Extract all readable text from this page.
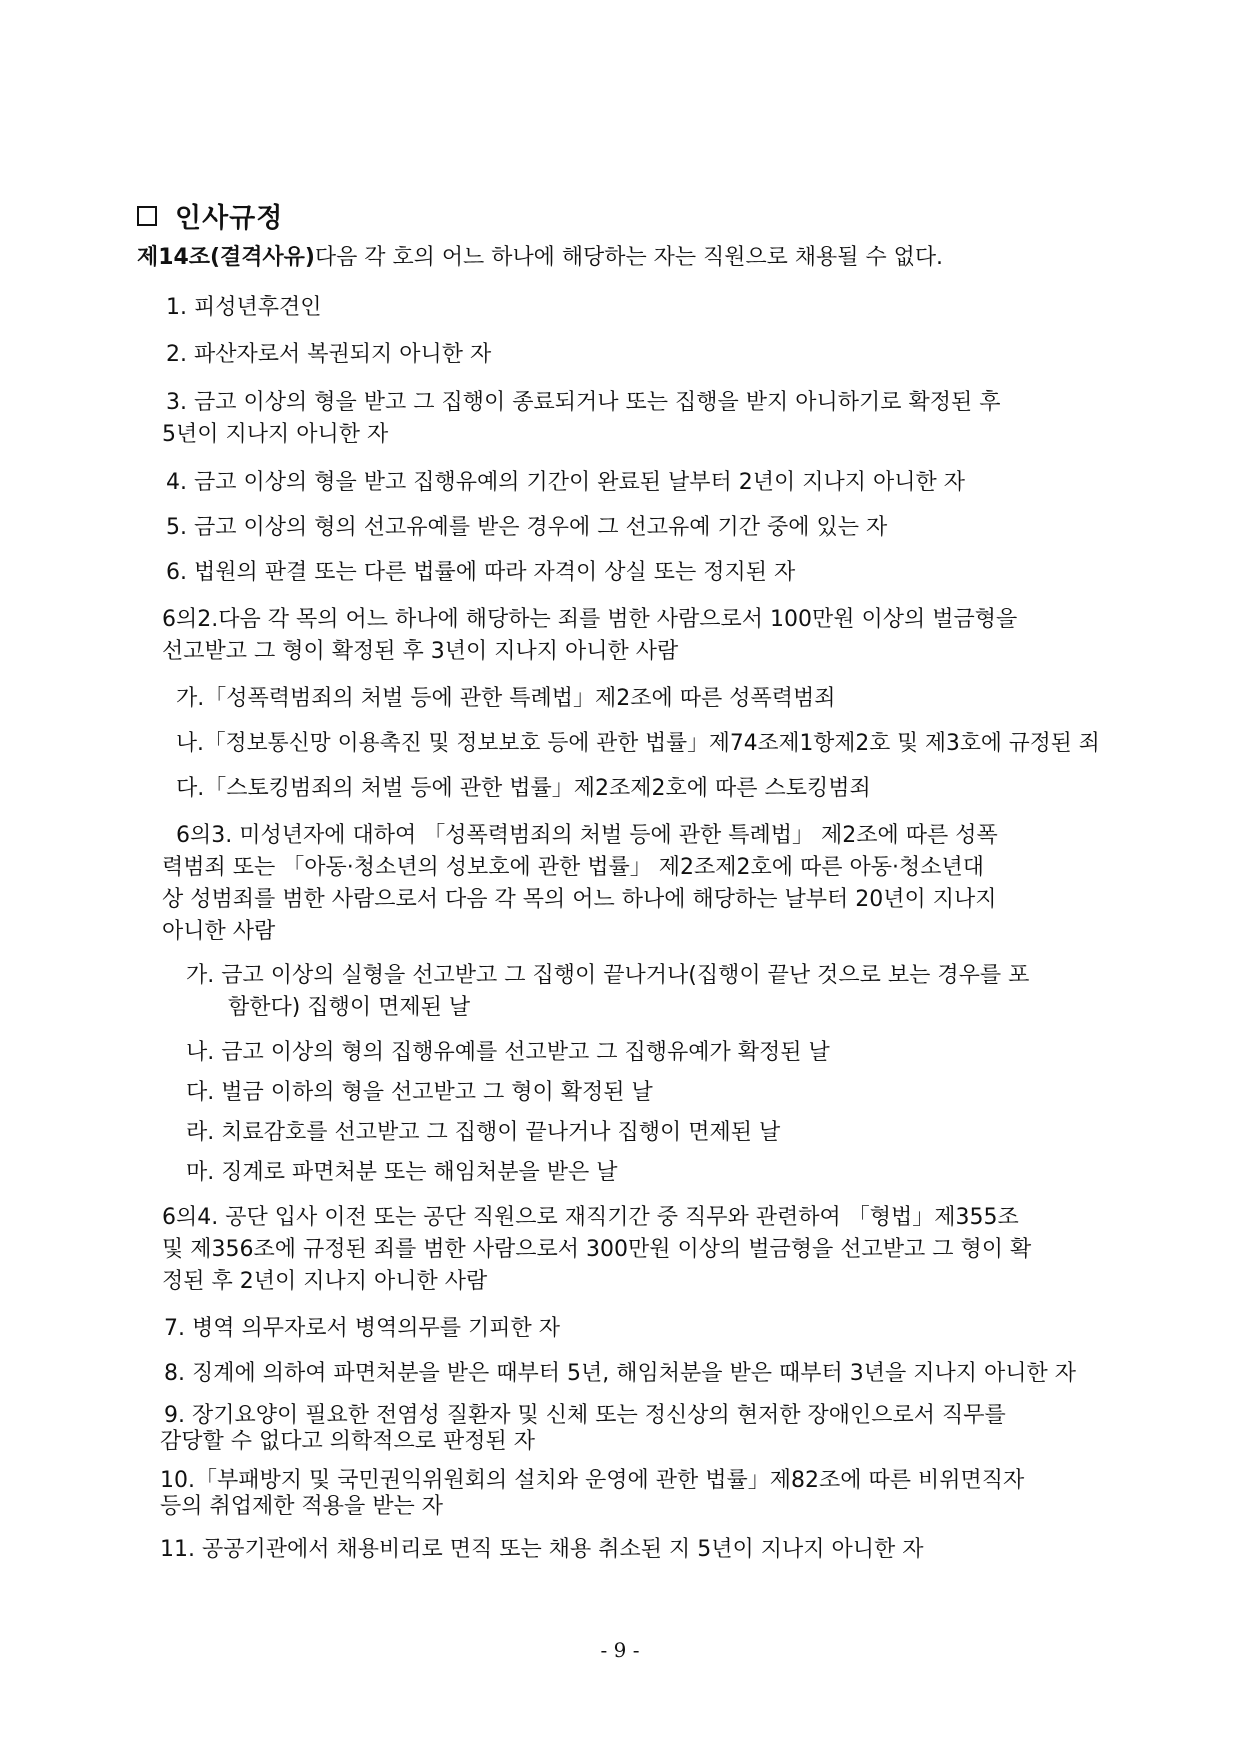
인사규정
제14조(결격사유) 다음 각 호의 어느 하나에 해당하는 자는 직원으로 채용될 수 없다.
1. 피성년후견인
2. 파산자로서 복권되지 아니한 자
3. 금고 이상의 형을 받고 그 집행이 종료되거나 또는 집행을 받지 아니하기로 확정된 후
5년이 지나지 아니한 자
4. 금고 이상의 형을 받고 집행유예의 기간이 완료된 날부터 2년이 지나지 아니한 자
5. 금고 이상의 형의 선고유예를 받은 경우에 그 선고유예 기간 중에 있는 자
6. 법원의 판결 또는 다른 법률에 따라 자격이 상실 또는 정지된 자
6의2.다음 각 목의 어느 하나에 해당하는 죄를 범한 사람으로서 100만원 이상의 벌금형을
선고받고 그 형이 확정된 후 3년이 지나지 아니한 사람
가.「성폭력범죄의 처벌 등에 관한 특례법」제2조에 따른 성폭력범죄
나.「정보통신망 이용촉진 및 정보보호 등에 관한 법률」제74조제1항제2호 및 제3호에 규정된 죄
다.「스토킹범죄의 처벌 등에 관한 법률」제2조제2호에 따른 스토킹범죄
6의3. 미성년자에 대하여 「성폭력범죄의 처벌 등에 관한 특례법」 제2조에 따른 성폭
력범죄 또는 「아동·청소년의 성보호에 관한 법률」 제2조제2호에 따른 아동·청소년대
상 성범죄를 범한 사람으로서 다음 각 목의 어느 하나에 해당하는 날부터 20년이 지나지
아니한 사람
가. 금고 이상의 실형을 선고받고 그 집행이 끝나거나(집행이 끝난 것으로 보는 경우를 포
함한다) 집행이 면제된 날
나. 금고 이상의 형의 집행유예를 선고받고 그 집행유예가 확정된 날
다. 벌금 이하의 형을 선고받고 그 형이 확정된 날
라. 치료감호를 선고받고 그 집행이 끝나거나 집행이 면제된 날
마. 징계로 파면처분 또는 해임처분을 받은 날
6의4. 공단 입사 이전 또는 공단 직원으로 재직기간 중 직무와 관련하여 「형법」제355조
및 제356조에 규정된 죄를 범한 사람으로서 300만원 이상의 벌금형을 선고받고 그 형이 확
정된 후 2년이 지나지 아니한 사람
7. 병역 의무자로서 병역의무를 기피한 자
8. 징계에 의하여 파면처분을 받은 때부터 5년, 해임처분을 받은 때부터 3년을 지나지 아니한 자
9. 장기요양이 필요한 전염성 질환자 및 신체 또는 정신상의 현저한 장애인으로서 직무를
감당할 수 없다고 의학적으로 판정된 자
10.「부패방지 및 국민권익위원회의 설치와 운영에 관한 법률」제82조에 따른 비위면직자
등의 취업제한 적용을 받는 자
11. 공공기관에서 채용비리로 면직 또는 채용 취소된 지 5년이 지나지 아니한 자
- 9 -
